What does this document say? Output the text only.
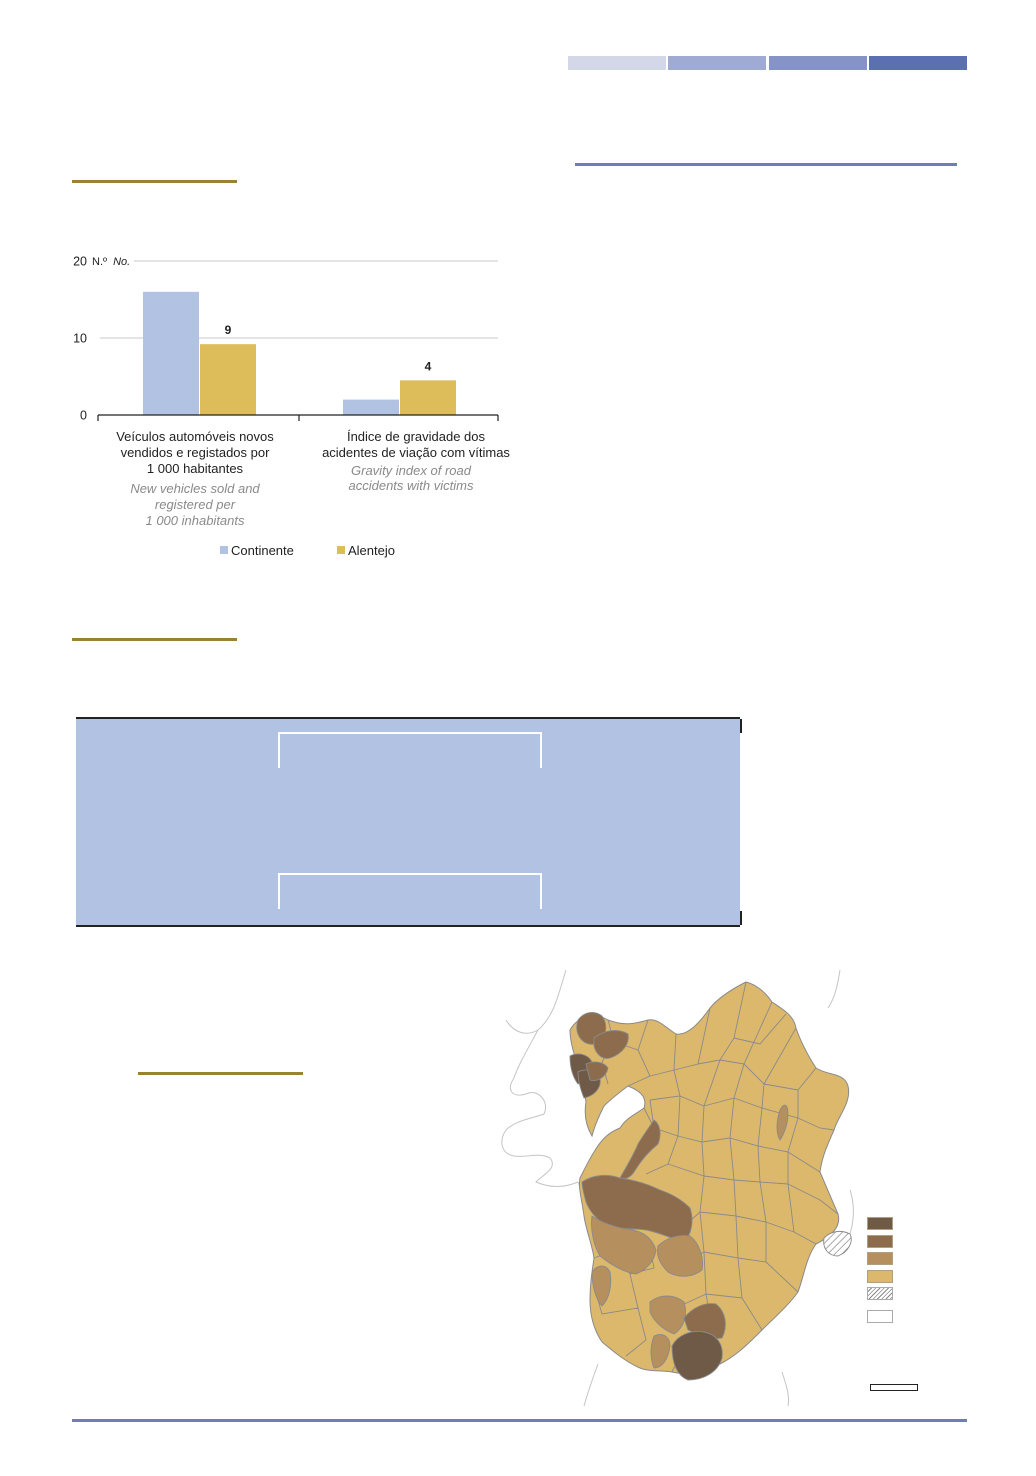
0
10
20 N.º No.
9
4
Veículos automóveis novos
vendidos e registados por
1 000 habitantes
New vehicles sold and
registered per
1 000 inhabitants
Índice de gravidade dos
acidentes de viação com vítimas
Gravity index of road
accidents with victims
Continente	Alentejo
